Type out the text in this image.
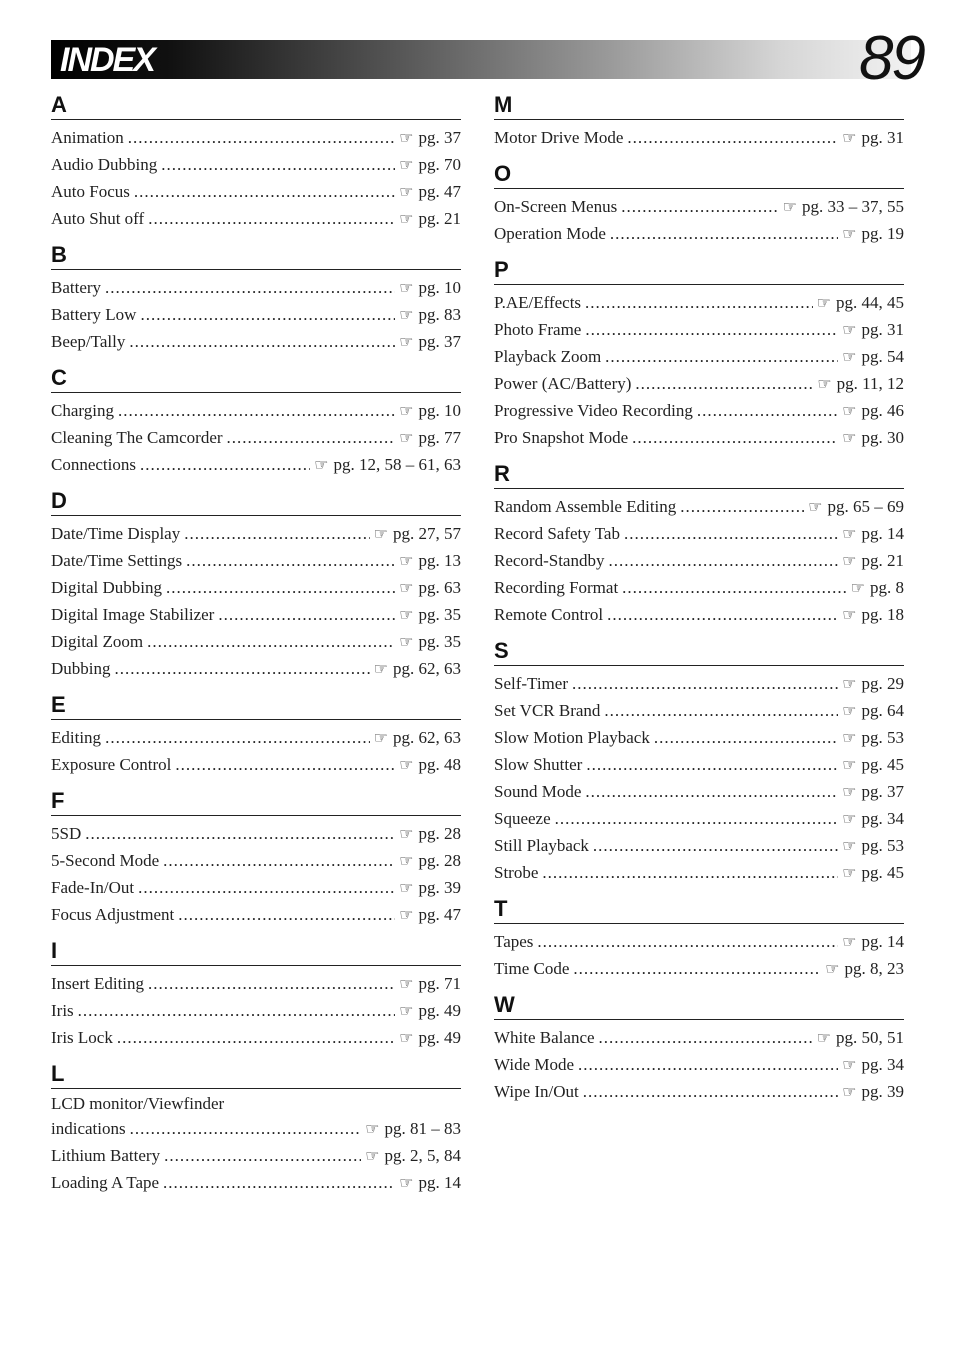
INDEX	89
A
Animation .....	☞ pg. 37
Audio Dubbing .....	☞ pg. 70
Auto Focus .....	☞ pg. 47
Auto Shut off .....	☞ pg. 21
B
Battery .....	☞ pg. 10
Battery Low .....	☞ pg. 83
Beep/Tally .....	☞ pg. 37
C
Charging .....	☞ pg. 10
Cleaning The Camcorder .....	☞ pg. 77
Connections .....	☞ pg. 12, 58 – 61, 63
D
Date/Time Display .....	☞ pg. 27, 57
Date/Time Settings .....	☞ pg. 13
Digital Dubbing .....	☞ pg. 63
Digital Image Stabilizer .....	☞ pg. 35
Digital Zoom .....	☞ pg. 35
Dubbing .....	☞ pg. 62, 63
E
Editing .....	☞ pg. 62, 63
Exposure Control .....	☞ pg. 48
F
5SD .....	☞ pg. 28
5-Second Mode .....	☞ pg. 28
Fade-In/Out .....	☞ pg. 39
Focus Adjustment .....	☞ pg. 47
I
Insert Editing .....	☞ pg. 71
Iris .....	☞ pg. 49
Iris Lock .....	☞ pg. 49
L
LCD monitor/Viewfinder
indications .....	☞ pg. 81 – 83
Lithium Battery .....	☞ pg. 2, 5, 84
Loading A Tape .....	☞ pg. 14
M
Motor Drive Mode .....	☞ pg. 31
O
On-Screen Menus .....	☞ pg. 33 – 37, 55
Operation Mode .....	☞ pg. 19
P
P.AE/Effects .....	☞ pg. 44, 45
Photo Frame .....	☞ pg. 31
Playback Zoom .....	☞ pg. 54
Power (AC/Battery) .....	☞ pg. 11, 12
Progressive Video Recording .....	☞ pg. 46
Pro Snapshot Mode .....	☞ pg. 30
R
Random Assemble Editing .....	☞ pg. 65 – 69
Record Safety Tab .....	☞ pg. 14
Record-Standby .....	☞ pg. 21
Recording Format .....	☞ pg. 8
Remote Control .....	☞ pg. 18
S
Self-Timer .....	☞ pg. 29
Set VCR Brand .....	☞ pg. 64
Slow Motion Playback .....	☞ pg. 53
Slow Shutter .....	☞ pg. 45
Sound Mode .....	☞ pg. 37
Squeeze .....	☞ pg. 34
Still Playback .....	☞ pg. 53
Strobe .....	☞ pg. 45
T
Tapes .....	☞ pg. 14
Time Code .....	☞ pg. 8, 23
W
White Balance .....	☞ pg. 50, 51
Wide Mode .....	☞ pg. 34
Wipe In/Out .....	☞ pg. 39
